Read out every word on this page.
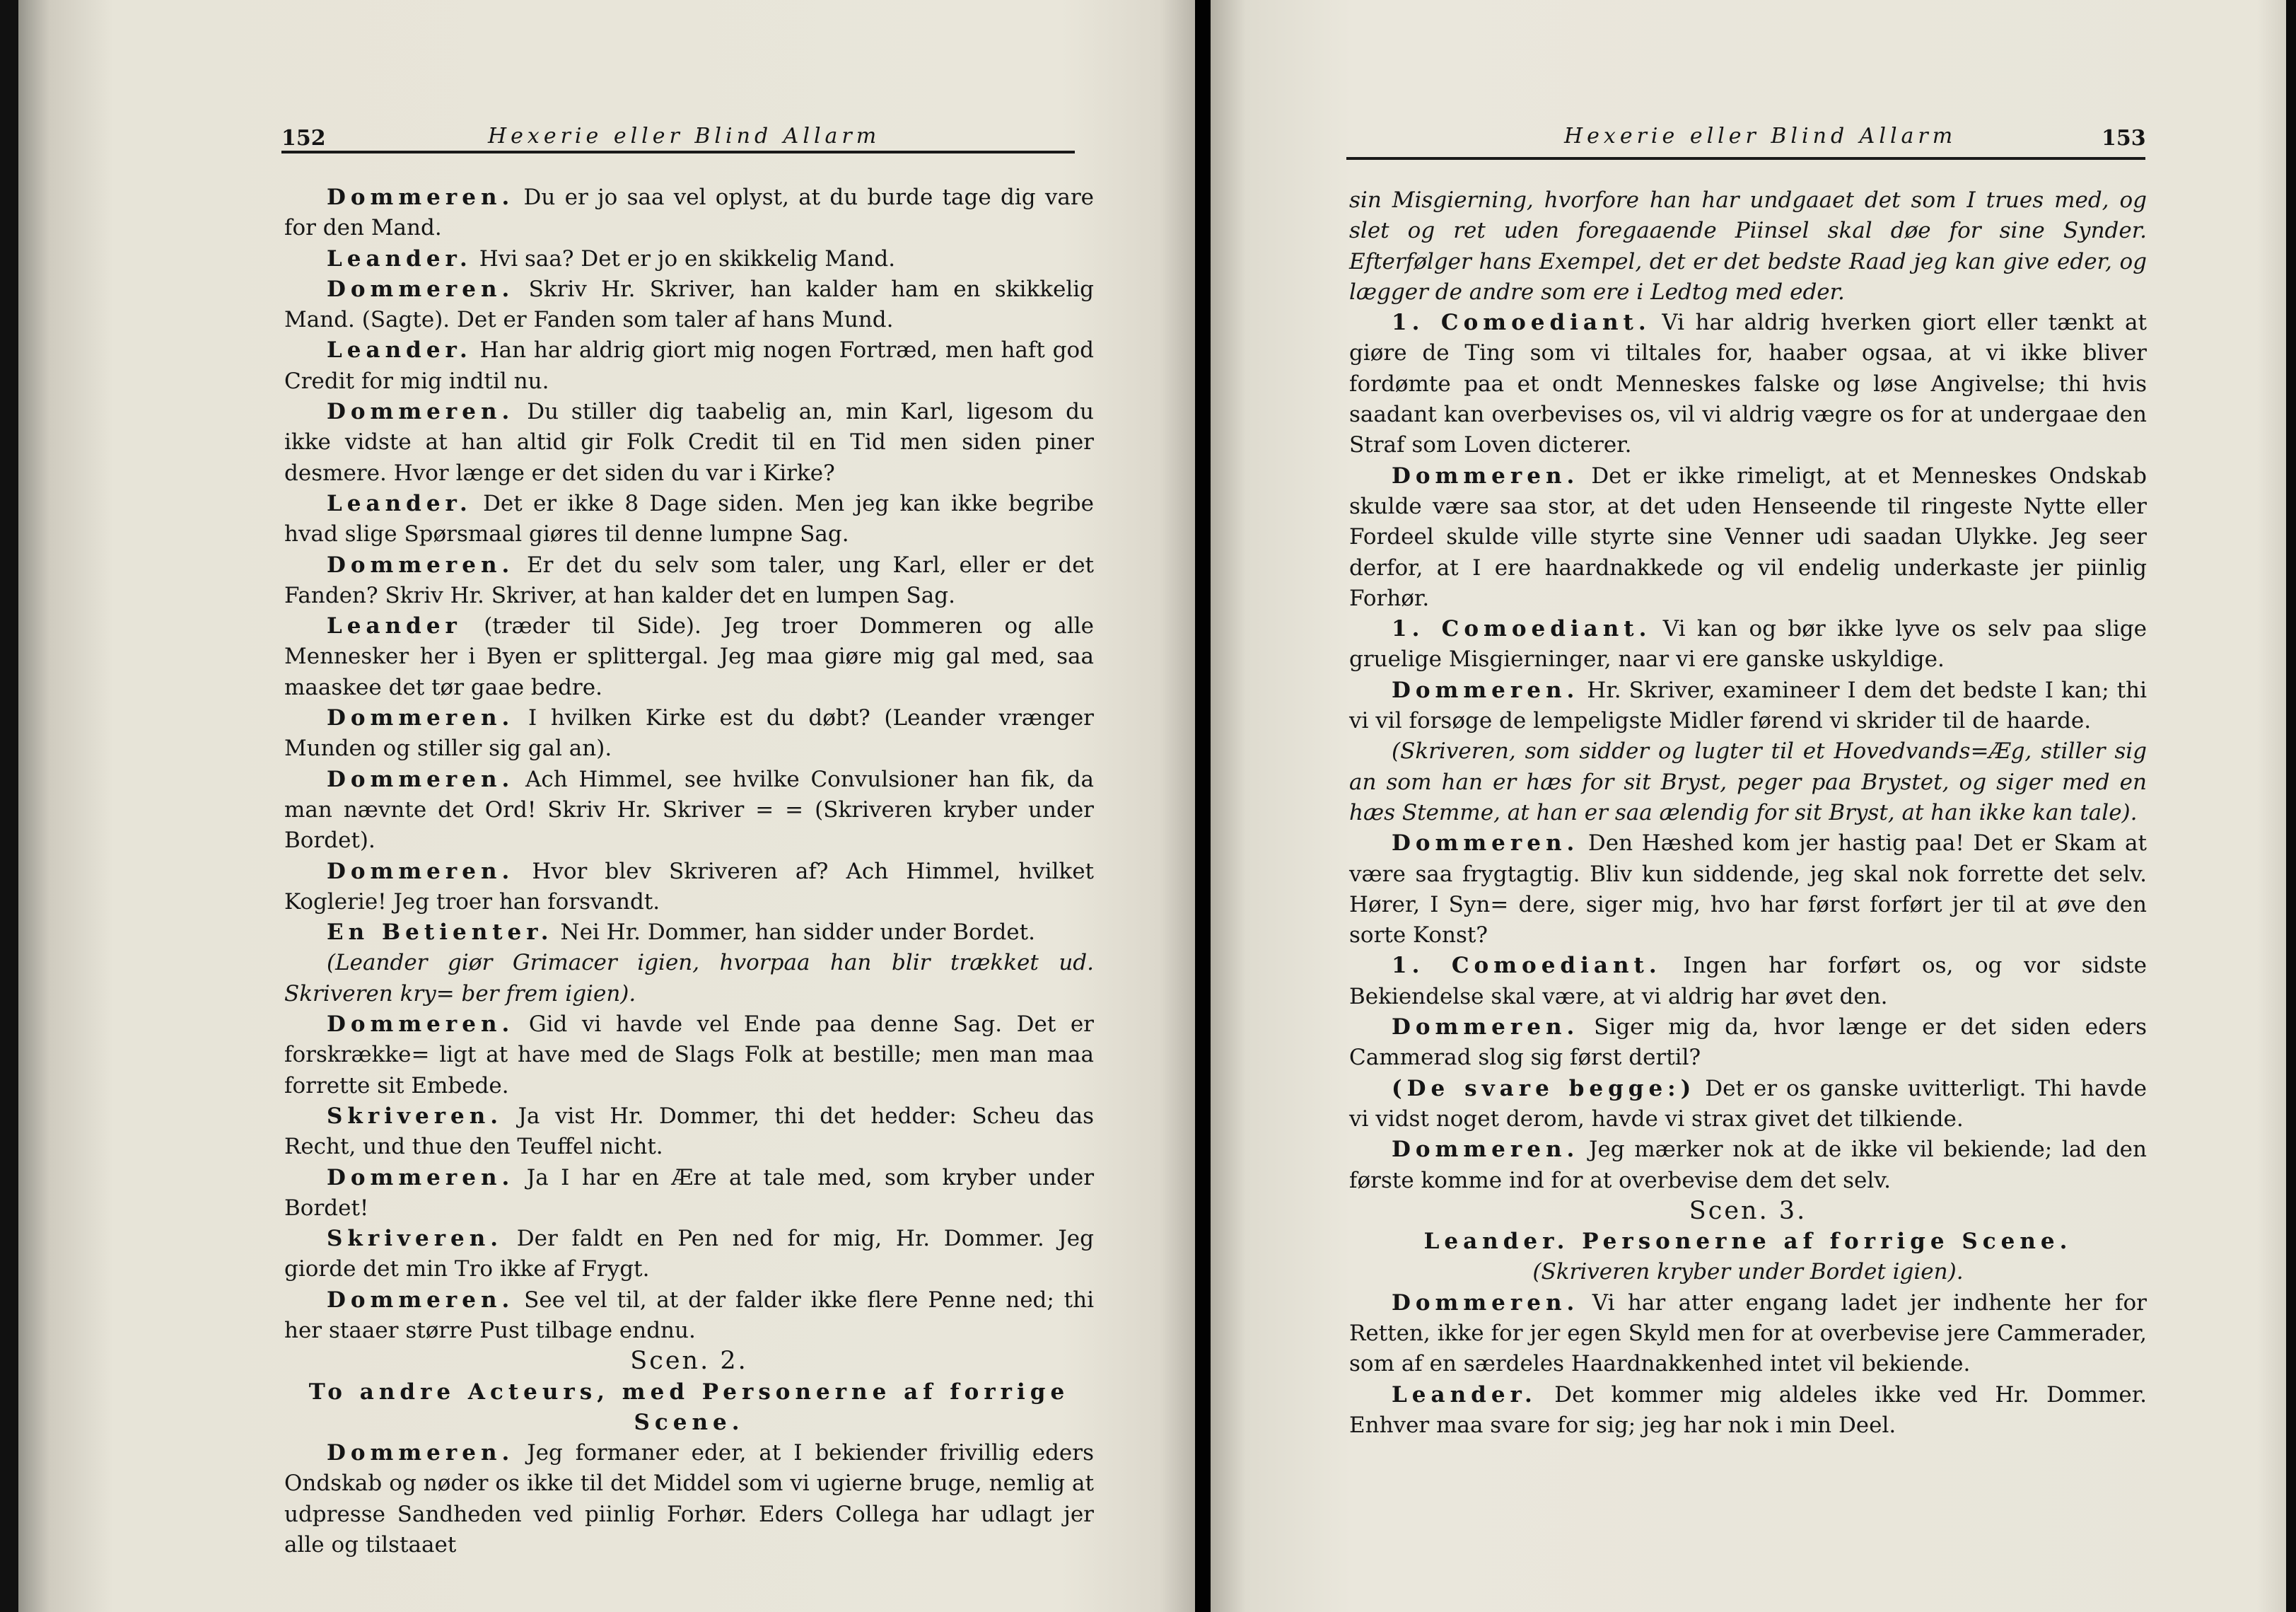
152	Hexerie eller Blind Allarm

Dommeren. Du er jo saa vel oplyst, at du burde tage dig vare for den Mand.

Leander. Hvi saa? Det er jo en skikkelig Mand.

Dommeren. Skriv Hr. Skriver, han kalder ham en skikkelig Mand. (Sagte). Det er Fanden som taler af hans Mund.

Leander. Han har aldrig giort mig nogen Fortræd, men haft god Credit for mig indtil nu.

Dommeren. Du stiller dig taabelig an, min Karl, ligesom du ikke vidste at han altid gir Folk Credit til en Tid men siden piner desmere. Hvor længe er det siden du var i Kirke?

Leander. Det er ikke 8 Dage siden. Men jeg kan ikke begribe hvad slige Spørsmaal giøres til denne lumpne Sag.

Dommeren. Er det du selv som taler, ung Karl, eller er det Fanden? Skriv Hr. Skriver, at han kalder det en lumpen Sag.

Leander (træder til Side). Jeg troer Dommeren og alle Mennesker her i Byen er splittergal. Jeg maa giøre mig gal med, saa maaskee det tør gaae bedre.

Dommeren. I hvilken Kirke est du døbt? (Leander vrænger Munden og stiller sig gal an).

Dommeren. Ach Himmel, see hvilke Convulsioner han fik, da man nævnte det Ord! Skriv Hr. Skriver = = (Skriveren kryber under Bordet).

Dommeren. Hvor blev Skriveren af? Ach Himmel, hvilket Koglerie! Jeg troer han forsvandt.

En Betienter. Nei Hr. Dommer, han sidder under Bordet.

(Leander giør Grimacer igien, hvorpaa han blir trækket ud. Skriveren kry= ber frem igien).

Dommeren. Gid vi havde vel Ende paa denne Sag. Det er forskrække= ligt at have med de Slags Folk at bestille; men man maa forrette sit Embede.

Skriveren. Ja vist Hr. Dommer, thi det hedder: Scheu das Recht, und thue den Teuffel nicht.

Dommeren. Ja I har en Ære at tale med, som kryber under Bordet!

Skriveren. Der faldt en Pen ned for mig, Hr. Dommer. Jeg giorde det min Tro ikke af Frygt.

Dommeren. See vel til, at der falder ikke flere Penne ned; thi her staaer større Pust tilbage endnu.

Scen. 2.

To andre Acteurs, med Personerne af forrige Scene.

Dommeren. Jeg formaner eder, at I bekiender frivillig eders Ondskab og nøder os ikke til det Middel som vi ugierne bruge, nemlig at udpresse Sandheden ved piinlig Forhør. Eders Collega har udlagt jer alle og tilstaaet

Hexerie eller Blind Allarm	153

sin Misgierning, hvorfore han har undgaaet det som I trues med, og slet og ret uden foregaaende Piinsel skal døe for sine Synder. Efterfølger hans Exempel, det er det bedste Raad jeg kan give eder, og lægger de andre som ere i Ledtog med eder.

1. Comoediant. Vi har aldrig hverken giort eller tænkt at giøre de Ting som vi tiltales for, haaber ogsaa, at vi ikke bliver fordømte paa et ondt Menneskes falske og løse Angivelse; thi hvis saadant kan overbevises os, vil vi aldrig vægre os for at undergaae den Straf som Loven dicterer.

Dommeren. Det er ikke rimeligt, at et Menneskes Ondskab skulde være saa stor, at det uden Henseende til ringeste Nytte eller Fordeel skulde ville styrte sine Venner udi saadan Ulykke. Jeg seer derfor, at I ere haardnakkede og vil endelig underkaste jer piinlig Forhør.

1. Comoediant. Vi kan og bør ikke lyve os selv paa slige gruelige Misgierninger, naar vi ere ganske uskyldige.

Dommeren. Hr. Skriver, examineer I dem det bedste I kan; thi vi vil forsøge de lempeligste Midler førend vi skrider til de haarde.

(Skriveren, som sidder og lugter til et Hovedvands=Æg, stiller sig an som han er hæs for sit Bryst, peger paa Brystet, og siger med en hæs Stemme, at han er saa ælendig for sit Bryst, at han ikke kan tale).

Dommeren. Den Hæshed kom jer hastig paa! Det er Skam at være saa frygtagtig. Bliv kun siddende, jeg skal nok forrette det selv. Hører, I Syn= dere, siger mig, hvo har først forført jer til at øve den sorte Konst?

1. Comoediant. Ingen har forført os, og vor sidste Bekiendelse skal være, at vi aldrig har øvet den.

Dommeren. Siger mig da, hvor længe er det siden eders Cammerad slog sig først dertil?

(De svare begge:) Det er os ganske uvitterligt. Thi havde vi vidst noget derom, havde vi strax givet det tilkiende.

Dommeren. Jeg mærker nok at de ikke vil bekiende; lad den første komme ind for at overbevise dem det selv.

Scen. 3.

Leander. Personerne af forrige Scene.

(Skriveren kryber under Bordet igien).

Dommeren. Vi har atter engang ladet jer indhente her for Retten, ikke for jer egen Skyld men for at overbevise jere Cammerader, som af en særdeles Haardnakkenhed intet vil bekiende.

Leander. Det kommer mig aldeles ikke ved Hr. Dommer. Enhver maa svare for sig; jeg har nok i min Deel.
